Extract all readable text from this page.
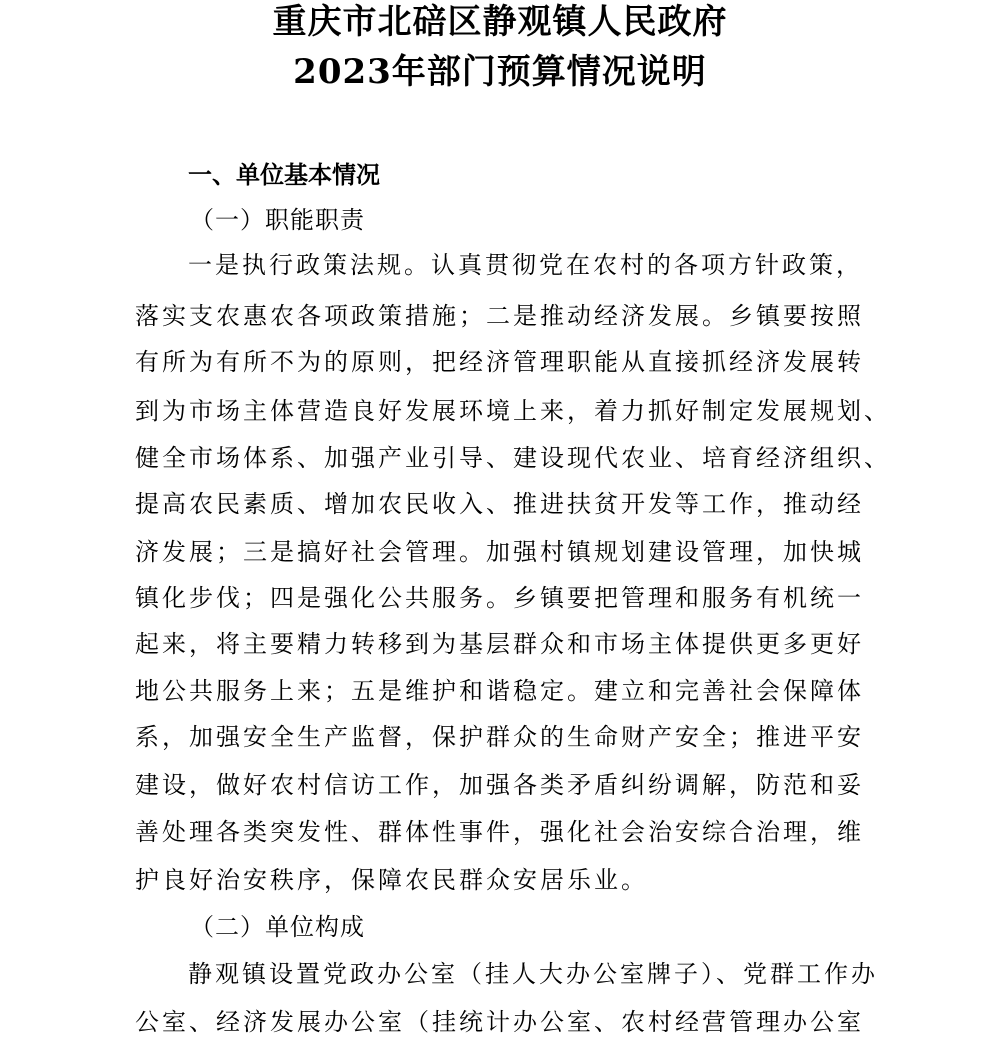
重庆市北碚区静观镇人民政府
2023年部门预算情况说明
一、单位基本情况
（一）职能职责
一是执行政策法规。认真贯彻党在农村的各项方针政策，
落实支农惠农各项政策措施；二是推动经济发展。乡镇要按照
有所为有所不为的原则，把经济管理职能从直接抓经济发展转
到为市场主体营造良好发展环境上来，着力抓好制定发展规划、
健全市场体系、加强产业引导、建设现代农业、培育经济组织、
提高农民素质、增加农民收入、推进扶贫开发等工作，推动经
济发展；三是搞好社会管理。加强村镇规划建设管理，加快城
镇化步伐；四是强化公共服务。乡镇要把管理和服务有机统一
起来，将主要精力转移到为基层群众和市场主体提供更多更好
地公共服务上来；五是维护和谐稳定。建立和完善社会保障体
系，加强安全生产监督，保护群众的生命财产安全；推进平安
建设，做好农村信访工作，加强各类矛盾纠纷调解，防范和妥
善处理各类突发性、群体性事件，强化社会治安综合治理，维
护良好治安秩序，保障农民群众安居乐业。
（二）单位构成
静观镇设置党政办公室（挂人大办公室牌子）、党群工作办
公室、经济发展办公室（挂统计办公室、农村经营管理办公室
